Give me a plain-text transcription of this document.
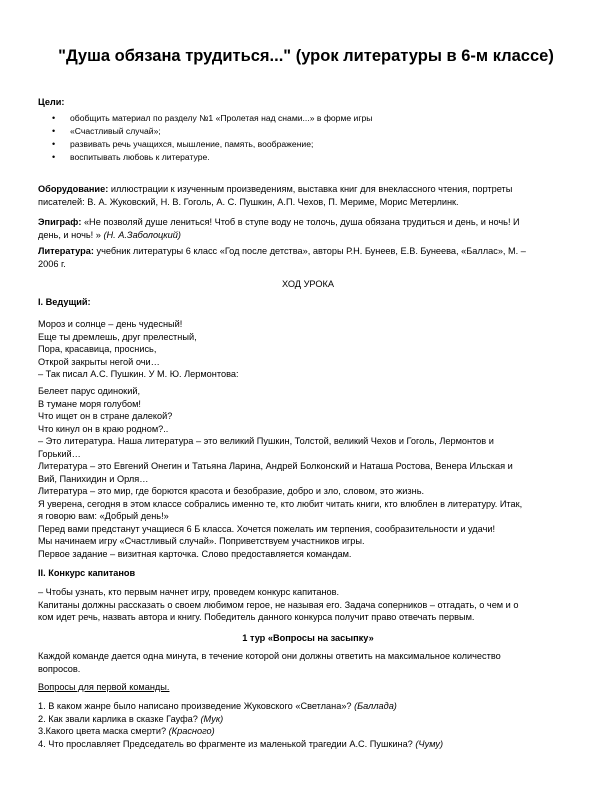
"Душа обязана трудиться..." (урок литературы в 6-м классе)
Цели:
• обобщить материал по разделу №1 «Пролетая над снами...» в форме игры
• «Счастливый случай»;
• развивать речь учащихся, мышление, память, воображение;
• воспитывать любовь к литературе.
Оборудование: иллюстрации к изученным произведениям, выставка книг для внеклассного чтения, портреты
писателей: В. А. Жуковский, Н. В. Гоголь, А. С. Пушкин, А.П. Чехов, П. Мериме, Морис Метерлинк.
Эпиграф: «Не позволяй душе лениться! Чтоб в ступе воду не толочь, душа обязана трудиться и день, и ночь! И
день, и ночь! » (Н. А.Заболоцкий)
Литература: учебник литературы 6 класс «Год после детства», авторы Р.Н. Бунеев, Е.В. Бунеева, «Баллас», М. –
2006 г.
ХОД УРОКА
I. Ведущий:
Мороз и солнце – день чудесный!
Еще ты дремлешь, друг прелестный,
Пора, красавица, проснись,
Открой закрыты негой очи…
– Так писал А.С. Пушкин. У М. Ю. Лермонтова:
Белеет парус одинокий,
В тумане моря голубом!
Что ищет он в стране далекой?
Что кинул он в краю родном?..
– Это литература. Наша литература – это великий Пушкин, Толстой, великий Чехов и Гоголь, Лермонтов и
Горький…
Литература – это Евгений Онегин и Татьяна Ларина, Андрей Болконский и Наташа Ростова, Венера Ильская и
Вий, Панихидин и Орля…
Литература – это мир, где борются красота и безобразие, добро и зло, словом, это жизнь.
Я уверена, сегодня в этом классе собрались именно те, кто любит читать книги, кто влюблен в литературу. Итак,
я говорю вам: «Добрый день!»
Перед вами предстанут учащиеся 6 Б класса. Хочется пожелать им терпения, сообразительности и удачи!
Мы начинаем игру «Счастливый случай». Поприветствуем участников игры.
Первое задание – визитная карточка. Слово предоставляется командам.
II. Конкурс капитанов
– Чтобы узнать, кто первым начнет игру, проведем конкурс капитанов.
Капитаны должны рассказать о своем любимом герое, не называя его. Задача соперников – отгадать, о чем и о
ком идет речь, назвать автора и книгу. Победитель данного конкурса получит право отвечать первым.
1 тур «Вопросы на засыпку»
Каждой команде дается одна минута, в течение которой они должны ответить на максимальное количество
вопросов.
Вопросы для первой команды.
1. В каком жанре было написано произведение Жуковского «Светлана»? (Баллада)
2. Как звали карлика в сказке Гауфа? (Мук)
3.Какого цвета маска смерти? (Красного)
4. Что прославляет Председатель во фрагменте из маленькой трагедии А.С. Пушкина? (Чуму)
